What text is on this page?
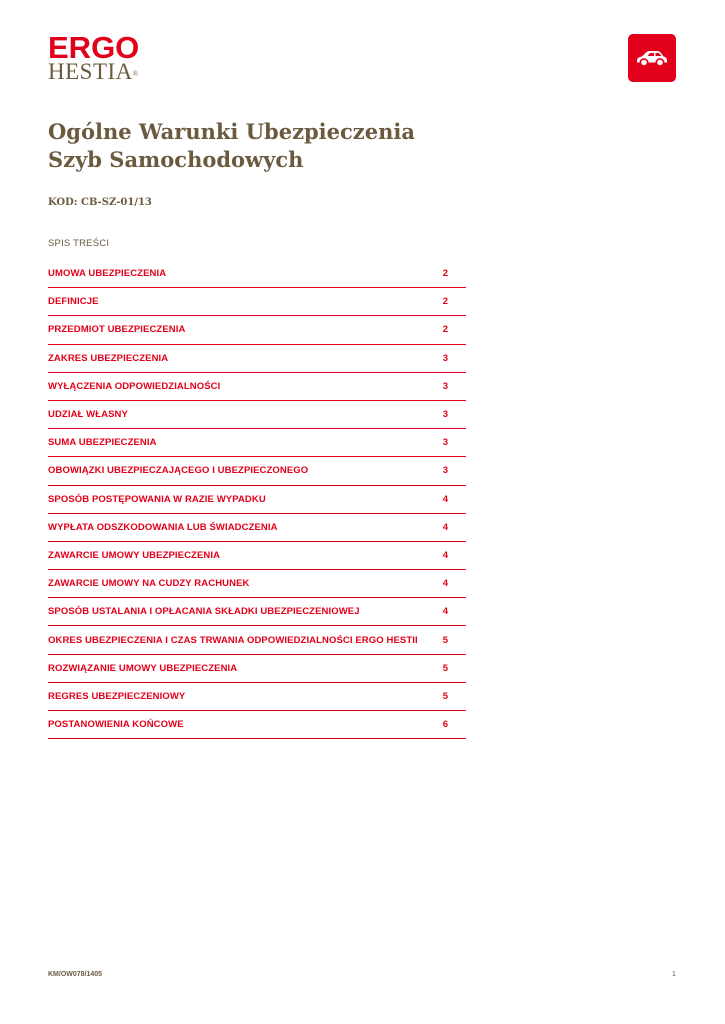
ERGO
HESTIA®
Ogólne Warunki Ubezpieczenia
Szyb Samochodowych
KOD: CB-SZ-01/13
SPIS TREŚCI
UMOWA UBEZPIECZENIA	2
DEFINICJE	2
PRZEDMIOT UBEZPIECZENIA	2
ZAKRES UBEZPIECZENIA	3
WYŁĄCZENIA ODPOWIEDZIALNOŚCI	3
UDZIAŁ WŁASNY	3
SUMA UBEZPIECZENIA	3
OBOWIĄZKI UBEZPIECZAJĄCEGO I UBEZPIECZONEGO	3
SPOSÓB POSTĘPOWANIA W RAZIE WYPADKU	4
WYPŁATA ODSZKODOWANIA LUB ŚWIADCZENIA	4
ZAWARCIE UMOWY UBEZPIECZENIA	4
ZAWARCIE UMOWY NA CUDZY RACHUNEK	4
SPOSÓB USTALANIA I OPŁACANIA SKŁADKI UBEZPIECZENIOWEJ	4
OKRES UBEZPIECZENIA I CZAS TRWANIA ODPOWIEDZIALNOŚCI ERGO HESTII	5
ROZWIĄZANIE UMOWY UBEZPIECZENIA	5
REGRES UBEZPIECZENIOWY	5
POSTANOWIENIA KOŃCOWE	6
KM/OW078/1405	1
